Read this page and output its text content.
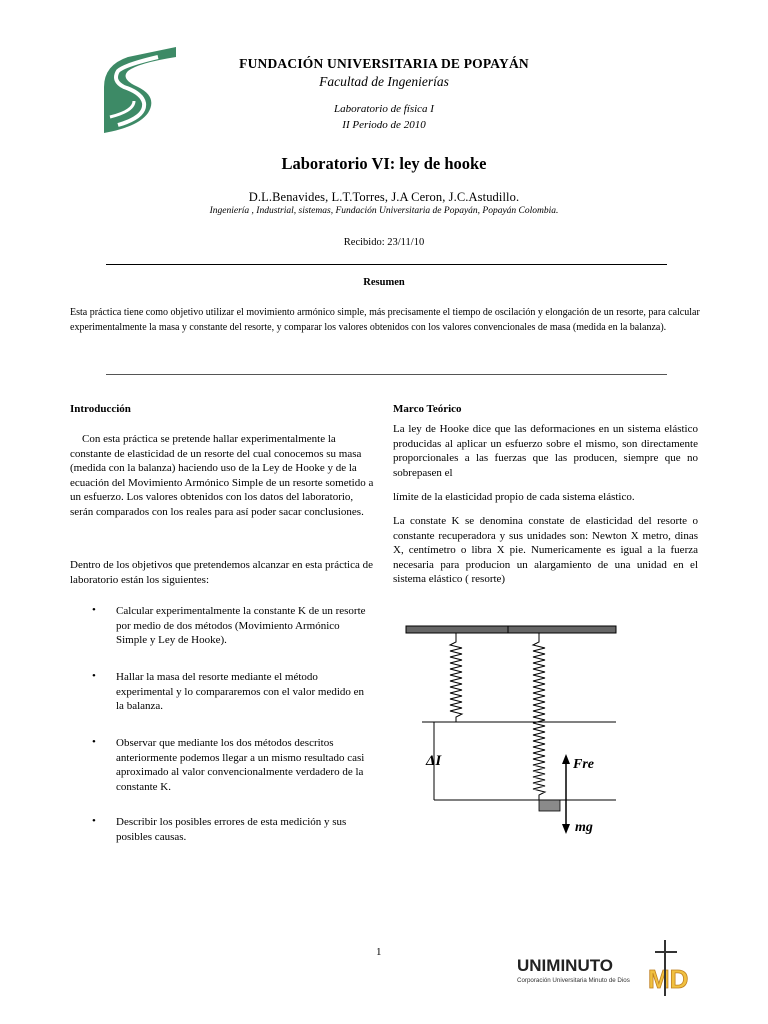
FUNDACIÓN UNIVERSITARIA DE POPAYÁN
Facultad de Ingenierías
Laboratorio de física I
II Periodo de 2010
Laboratorio VI: ley de hooke
D.L.Benavides, L.T.Torres, J.A Ceron, J.C.Astudillo.
Ingeniería , Industrial, sistemas, Fundación Universitaria de Popayán, Popayán Colombia.
Recibido: 23/11/10
Resumen
Esta práctica tiene como objetivo utilizar el movimiento armónico simple, más precisamente el tiempo de oscilación y elongación de un resorte, para calcular experimentalmente la masa y constante del resorte, y comparar los valores obtenidos con los valores convencionales de masa (medida en la balanza).
Introducción
Con esta práctica se pretende hallar experimentalmente la constante de elasticidad de un resorte del cual conocemos su masa (medida con la balanza) haciendo uso de la Ley de Hooke y de la ecuación del Movimiento Armónico Simple de un resorte sometido a un esfuerzo. Los valores obtenidos con los datos del laboratorio, serán comparados con los reales para así poder sacar conclusiones.
Dentro de los objetivos que pretendemos alcanzar en esta práctica de laboratorio están los siguientes:
•	Calcular experimentalmente la constante K de un resorte por medio de dos métodos (Movimiento Armónico Simple y Ley de Hooke).
•	Hallar la masa del resorte mediante el método experimental y lo compararemos con el valor medido en la balanza.
•	Observar que mediante los dos métodos descritos anteriormente podemos llegar a un mismo resultado casi aproximado al valor convencionalmente verdadero de la constante K.
•	Describir los posibles errores de esta medición y sus posibles causas.
Marco Teórico
La ley de Hooke dice que las deformaciones en un sistema elástico producidas al aplicar un esfuerzo sobre el mismo, son directamente proporcionales a las fuerzas que las producen, siempre que no sobrepasen el
límite de la elasticidad propio de cada sistema elástico.
La constate K se denomina constate de elasticidad del resorte o constante recuperadora y sus unidades son: Newton X metro, dinas X, centímetro o libra X pie. Numericamente es igual a la fuerza necesaria para producion un alargamiento de una unidad en el sistema elástico ( resorte)
ΔI	Fre
mg
1
UNIMINUTO
Corporación Universitaria Minuto de Dios MD
